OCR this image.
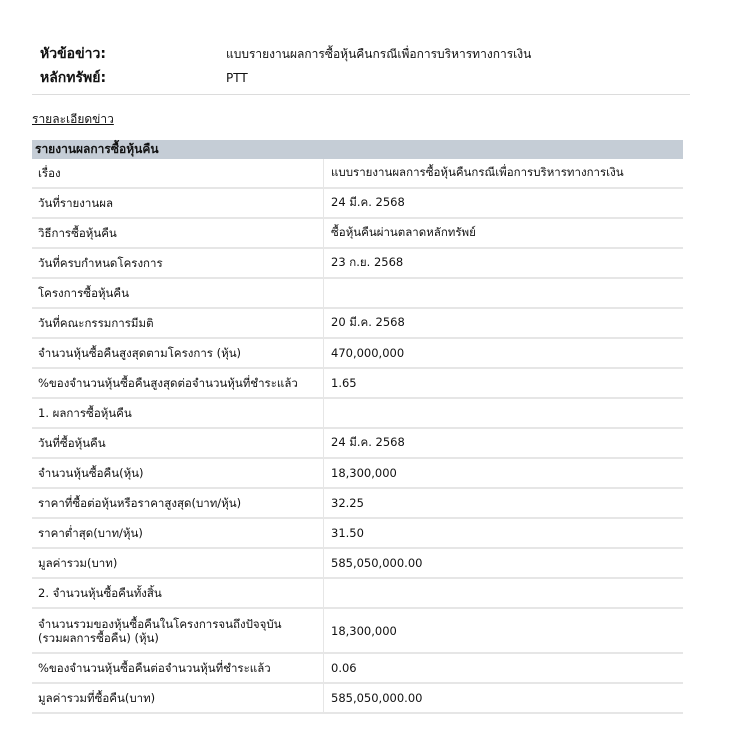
หัวข้อข่าว:	แบบรายงานผลการซื้อหุ้นคืนกรณีเพื่อการบริหารทางการเงิน
หลักทรัพย์:	PTT
รายละเอียดข่าว
รายงานผลการซื้อหุ้นคืน
เรื่อง	แบบรายงานผลการซื้อหุ้นคืนกรณีเพื่อการบริหารทางการเงิน
วันที่รายงานผล	24 มี.ค. 2568
วิธีการซื้อหุ้นคืน	ซื้อหุ้นคืนผ่านตลาดหลักทรัพย์
วันที่ครบกำหนดโครงการ	23 ก.ย. 2568
โครงการซื้อหุ้นคืน
วันที่คณะกรรมการมีมติ	20 มี.ค. 2568
จำนวนหุ้นซื้อคืนสูงสุดตามโครงการ (หุ้น)	470,000,000
%ของจำนวนหุ้นซื้อคืนสูงสุดต่อจำนวนหุ้นที่ชำระแล้ว	1.65
1. ผลการซื้อหุ้นคืน
วันที่ซื้อหุ้นคืน	24 มี.ค. 2568
จำนวนหุ้นซื้อคืน(หุ้น)	18,300,000
ราคาที่ซื้อต่อหุ้นหรือราคาสูงสุด(บาท/หุ้น)	32.25
ราคาต่ำสุด(บาท/หุ้น)	31.50
มูลค่ารวม(บาท)	585,050,000.00
2. จำนวนหุ้นซื้อคืนทั้งสิ้น
จำนวนรวมของหุ้นซื้อคืนในโครงการจนถึงปัจจุบัน
(รวมผลการซื้อคืน) (หุ้น)	18,300,000
%ของจำนวนหุ้นซื้อคืนต่อจำนวนหุ้นที่ชำระแล้ว	0.06
มูลค่ารวมที่ซื้อคืน(บาท)	585,050,000.00
